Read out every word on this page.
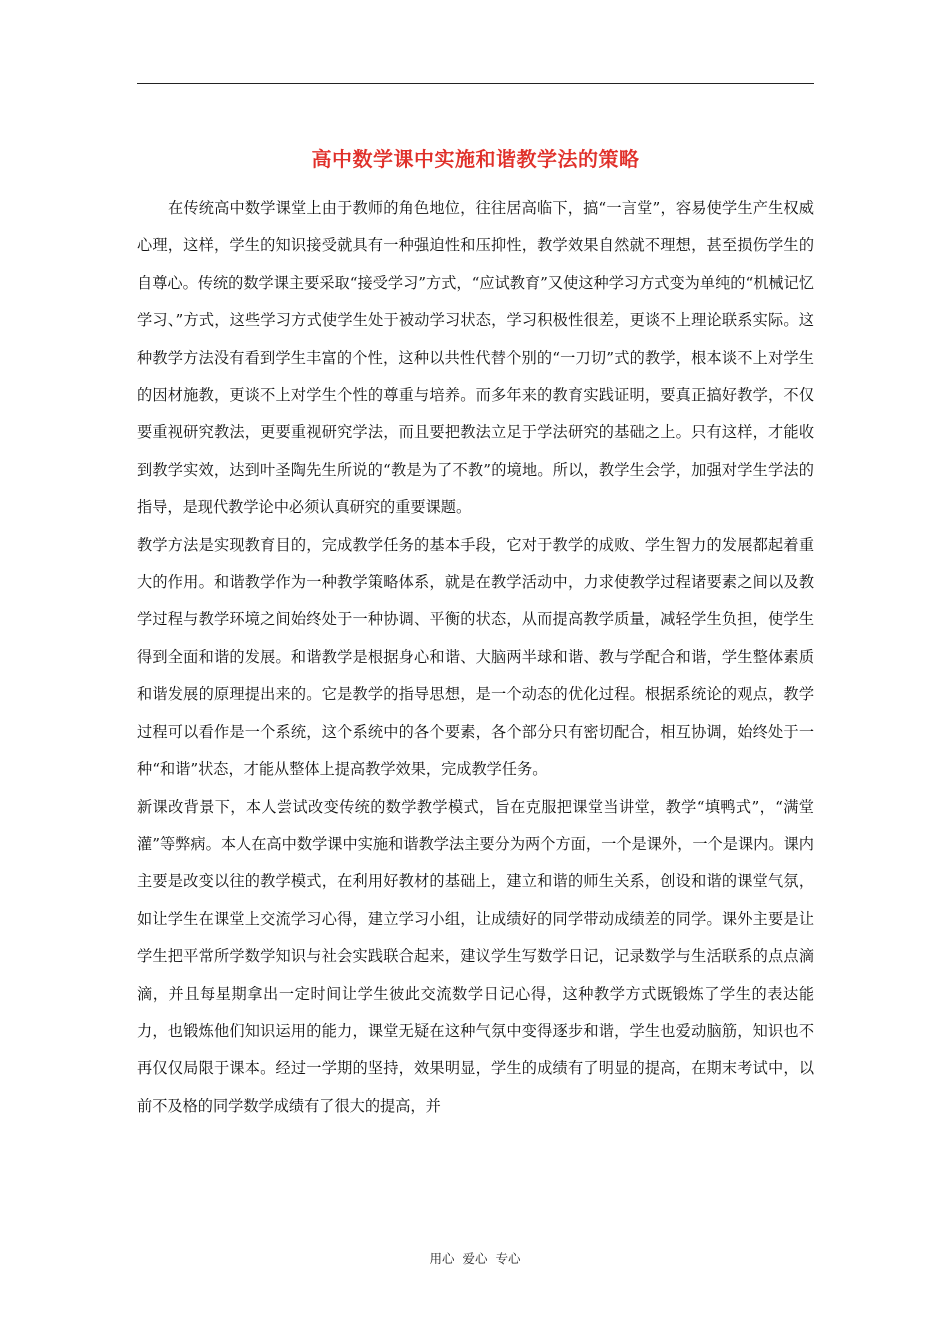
高中数学课中实施和谐教学法的策略

在传统高中数学课堂上由于教师的角色地位，往往居高临下，搞“一言堂”，容易使学生产生权威心理，这样，学生的知识接受就具有一种强迫性和压抑性，教学效果自然就不理想，甚至损伤学生的自尊心。传统的数学课主要采取“接受学习”方式，“应试教育”又使这种学习方式变为单纯的“机械记忆学习、”方式，这些学习方式使学生处于被动学习状态，学习积极性很差，更谈不上理论联系实际。这种教学方法没有看到学生丰富的个性，这种以共性代替个别的“一刀切”式的教学，根本谈不上对学生的因材施教，更谈不上对学生个性的尊重与培养。而多年来的教育实践证明，要真正搞好教学，不仅要重视研究教法，更要重视研究学法，而且要把教法立足于学法研究的基础之上。只有这样，才能收到教学实效，达到叶圣陶先生所说的“教是为了不教”的境地。所以，教学生会学，加强对学生学法的指导，是现代教学论中必须认真研究的重要课题。

教学方法是实现教育目的，完成教学任务的基本手段，它对于教学的成败、学生智力的发展都起着重大的作用。和谐教学作为一种教学策略体系，就是在教学活动中，力求使教学过程诸要素之间以及教学过程与教学环境之间始终处于一种协调、平衡的状态，从而提高教学质量，减轻学生负担，使学生得到全面和谐的发展。和谐教学是根据身心和谐、大脑两半球和谐、教与学配合和谐，学生整体素质和谐发展的原理提出来的。它是教学的指导思想，是一个动态的优化过程。根据系统论的观点，教学过程可以看作是一个系统，这个系统中的各个要素，各个部分只有密切配合，相互协调，始终处于一种“和谐”状态，才能从整体上提高教学效果，完成教学任务。

新课改背景下，本人尝试改变传统的数学教学模式，旨在克服把课堂当讲堂，教学“填鸭式”，“满堂灌”等弊病。本人在高中数学课中实施和谐教学法主要分为两个方面，一个是课外，一个是课内。课内主要是改变以往的教学模式，在利用好教材的基础上，建立和谐的师生关系，创设和谐的课堂气氛，如让学生在课堂上交流学习心得，建立学习小组，让成绩好的同学带动成绩差的同学。课外主要是让学生把平常所学数学知识与社会实践联合起来，建议学生写数学日记，记录数学与生活联系的点点滴滴，并且每星期拿出一定时间让学生彼此交流数学日记心得，这种教学方式既锻炼了学生的表达能力，也锻炼他们知识运用的能力，课堂无疑在这种气氛中变得逐步和谐，学生也爱动脑筋，知识也不再仅仅局限于课本。经过一学期的坚持，效果明显，学生的成绩有了明显的提高，在期末考试中，以前不及格的同学数学成绩有了很大的提高，并

用心  爱心  专心
